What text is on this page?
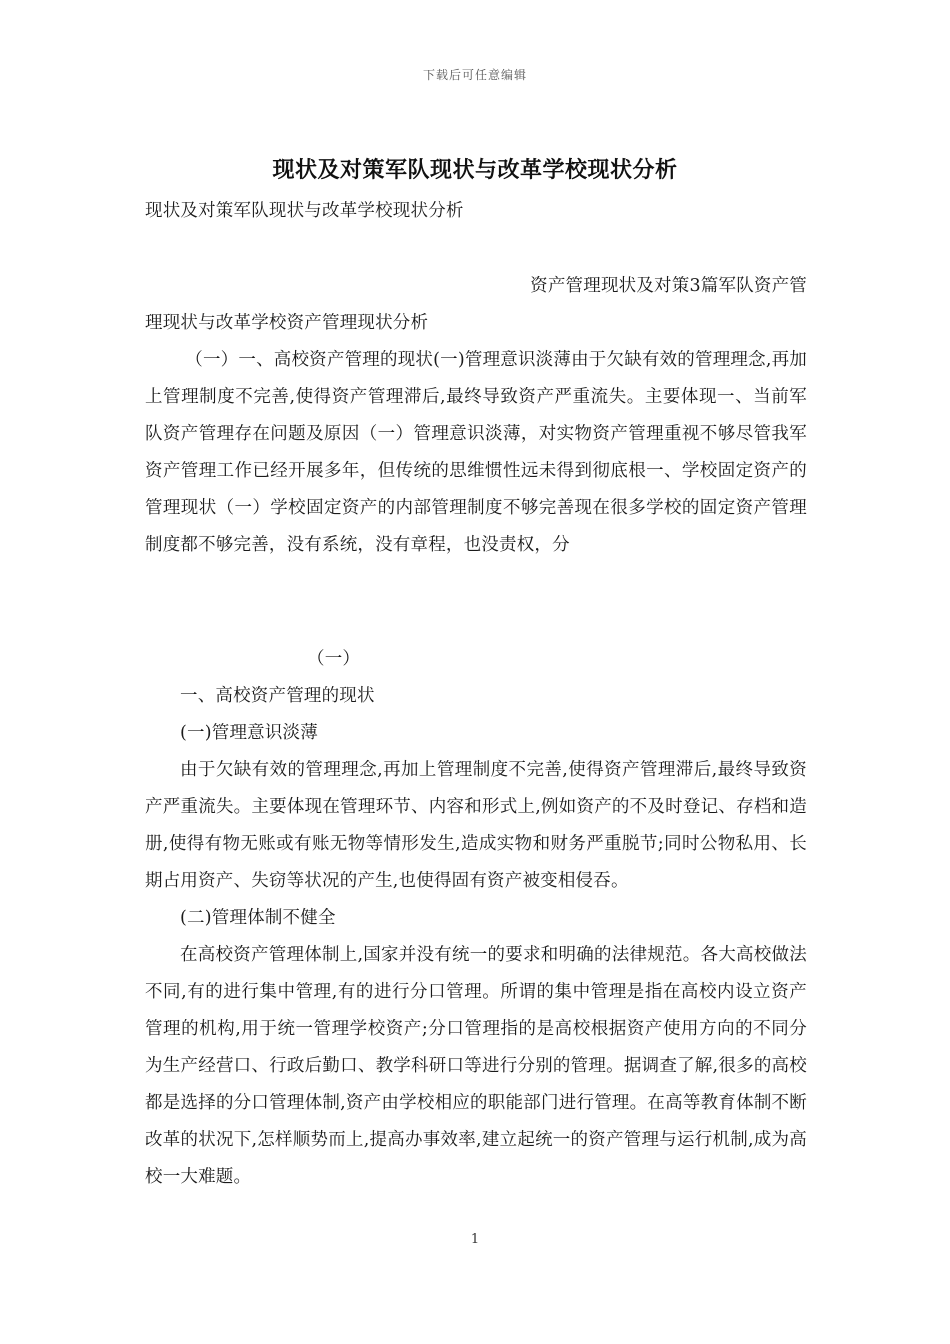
下载后可任意编辑
现状及对策军队现状与改革学校现状分析
现状及对策军队现状与改革学校现状分析

资产管理现状及对策3篇军队资产管

理现状与改革学校资产管理现状分析

（一）一、高校资产管理的现状(一)管理意识淡薄由于欠缺有效的管理理念,再加上管理制度不完善,使得资产管理滞后,最终导致资产严重流失。主要体现一、当前军队资产管理存在问题及原因（一）管理意识淡薄，对实物资产管理重视不够尽管我军资产管理工作已经开展多年，但传统的思维惯性远未得到彻底根一、学校固定资产的管理现状（一）学校固定资产的内部管理制度不够完善现在很多学校的固定资产管理制度都不够完善，没有系统，没有章程，也没责权，分

（一）

一、高校资产管理的现状

(一)管理意识淡薄

由于欠缺有效的管理理念,再加上管理制度不完善,使得资产管理滞后,最终导致资产严重流失。主要体现在管理环节、内容和形式上,例如资产的不及时登记、存档和造册,使得有物无账或有账无物等情形发生,造成实物和财务严重脱节;同时公物私用、长期占用资产、失窃等状况的产生,也使得固有资产被变相侵吞。

(二)管理体制不健全

在高校资产管理体制上,国家并没有统一的要求和明确的法律规范。各大高校做法不同,有的进行集中管理,有的进行分口管理。所谓的集中管理是指在高校内设立资产管理的机构,用于统一管理学校资产;分口管理指的是高校根据资产使用方向的不同分为生产经营口、行政后勤口、教学科研口等进行分别的管理。据调查了解,很多的高校都是选择的分口管理体制,资产由学校相应的职能部门进行管理。在高等教育体制不断改革的状况下,怎样顺势而上,提高办事效率,建立起统一的资产管理与运行机制,成为高校一大难题。

1
